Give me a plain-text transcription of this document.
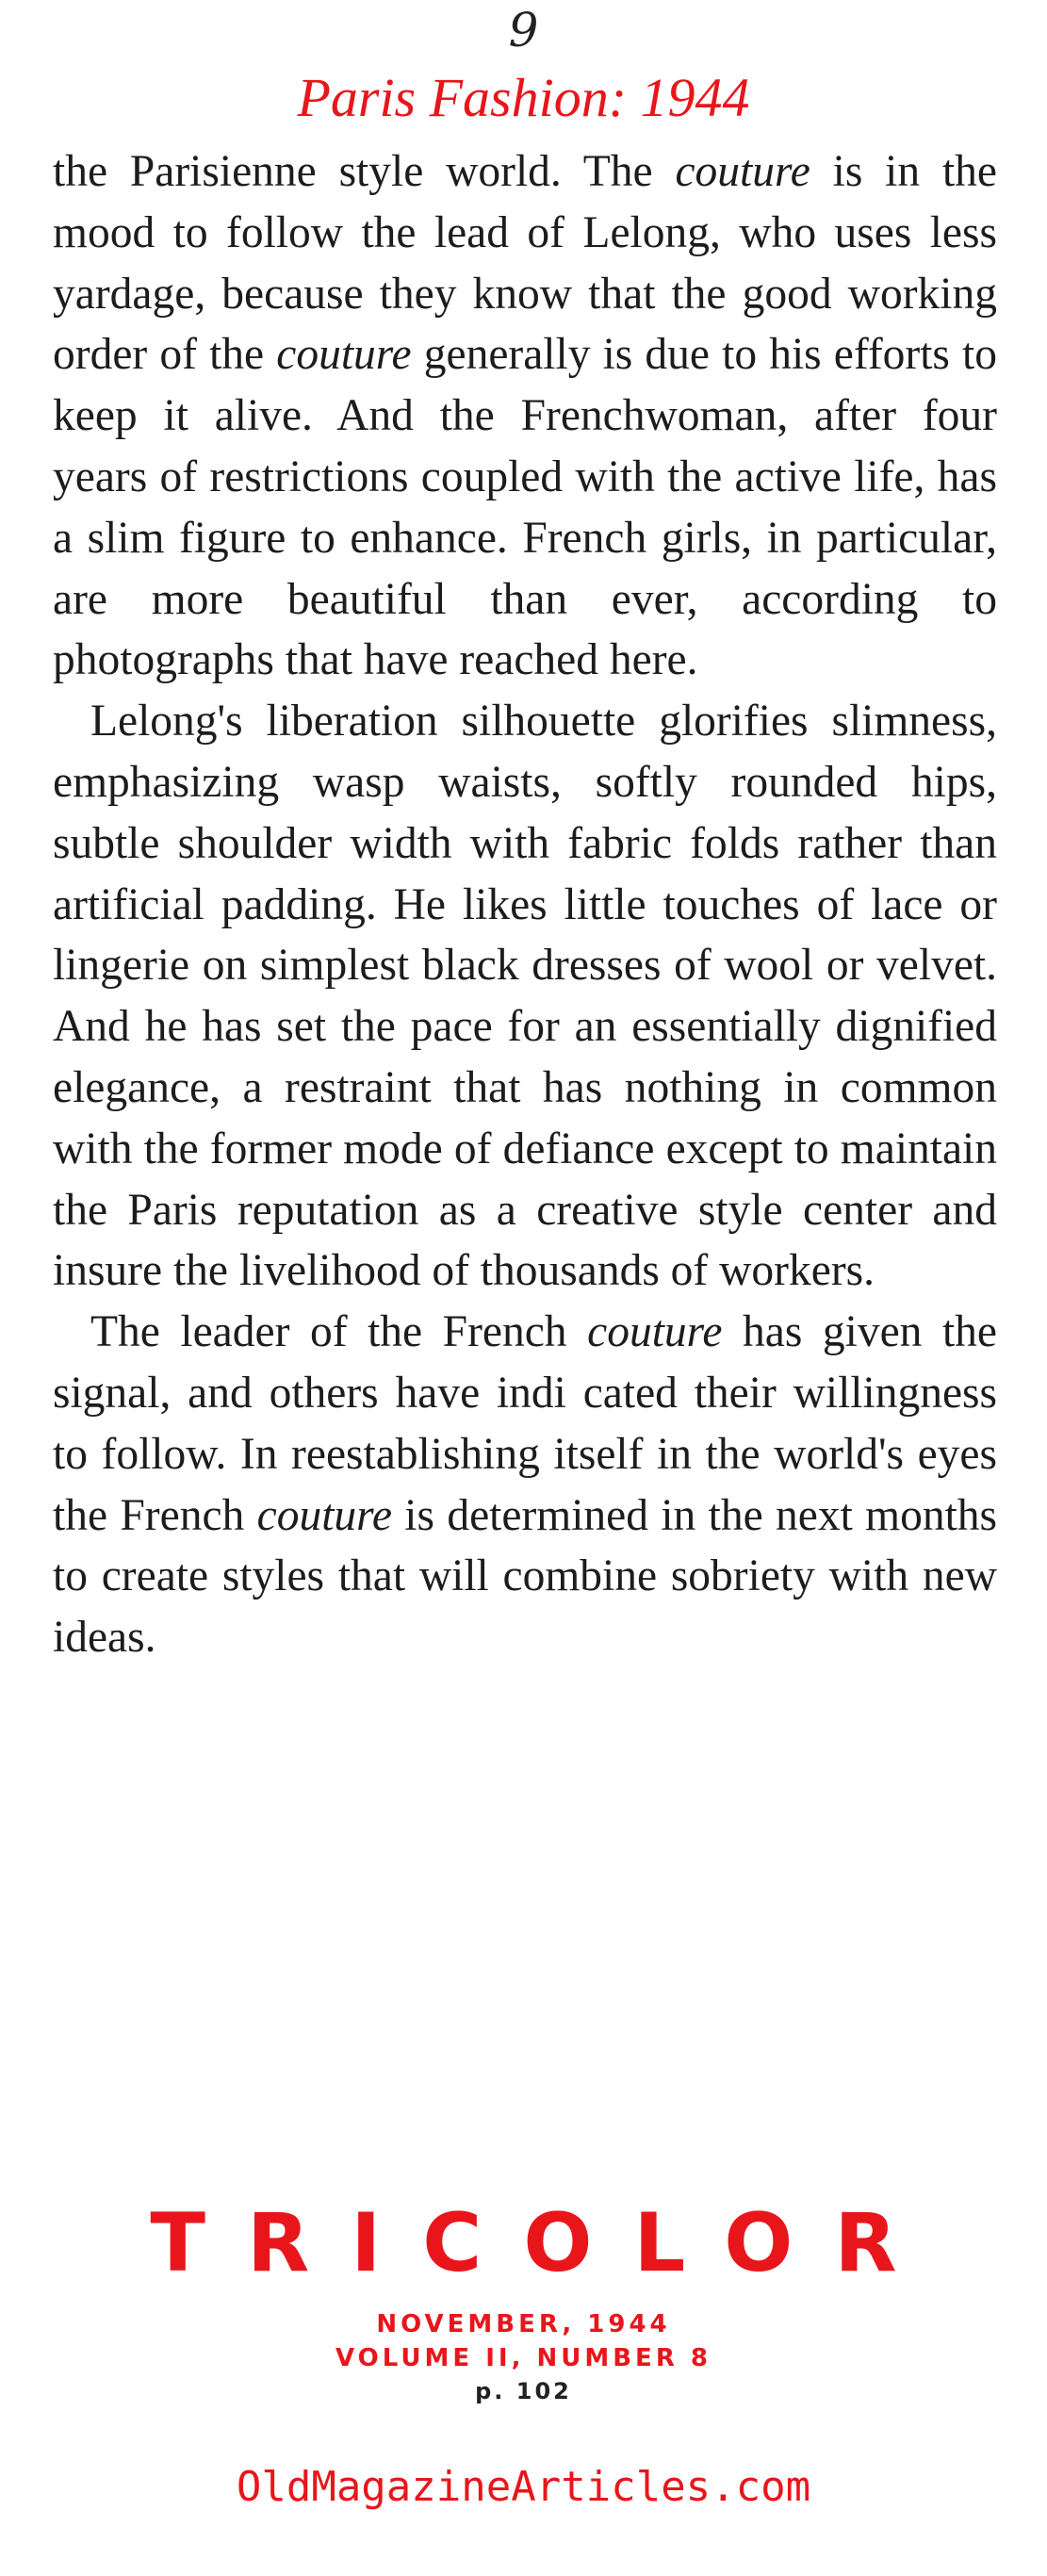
9
Paris Fashion: 1944

the Parisienne style world. The couture is in the mood to follow the lead of Lelong, who uses less yardage, because they know that the good working order of the couture generally is due to his efforts to keep it alive. And the Frenchwoman, after four years of restrictions coupled with the active life, has a slim figure to enhance. French girls, in particular, are more beautiful than ever, according to photographs that have reached here.

Lelong's liberation silhouette glorifies slimness, emphasizing wasp waists, softly rounded hips, subtle shoulder width with fabric folds rather than artificial padding. He likes little touches of lace or lingerie on simplest black dresses of wool or velvet. And he has set the pace for an essentially dignified elegance, a restraint that has nothing in common with the former mode of defiance except to maintain the Paris reputation as a creative style center and insure the livelihood of thousands of workers.

The leader of the French couture has given the signal, and others have indi cated their willingness to follow. In reestablishing itself in the world's eyes the French couture is determined in the next months to create styles that will combine sobriety with new ideas.

TRICOLOR
NOVEMBER, 1944
VOLUME II, NUMBER 8
p. 102
OldMagazineArticles.com
